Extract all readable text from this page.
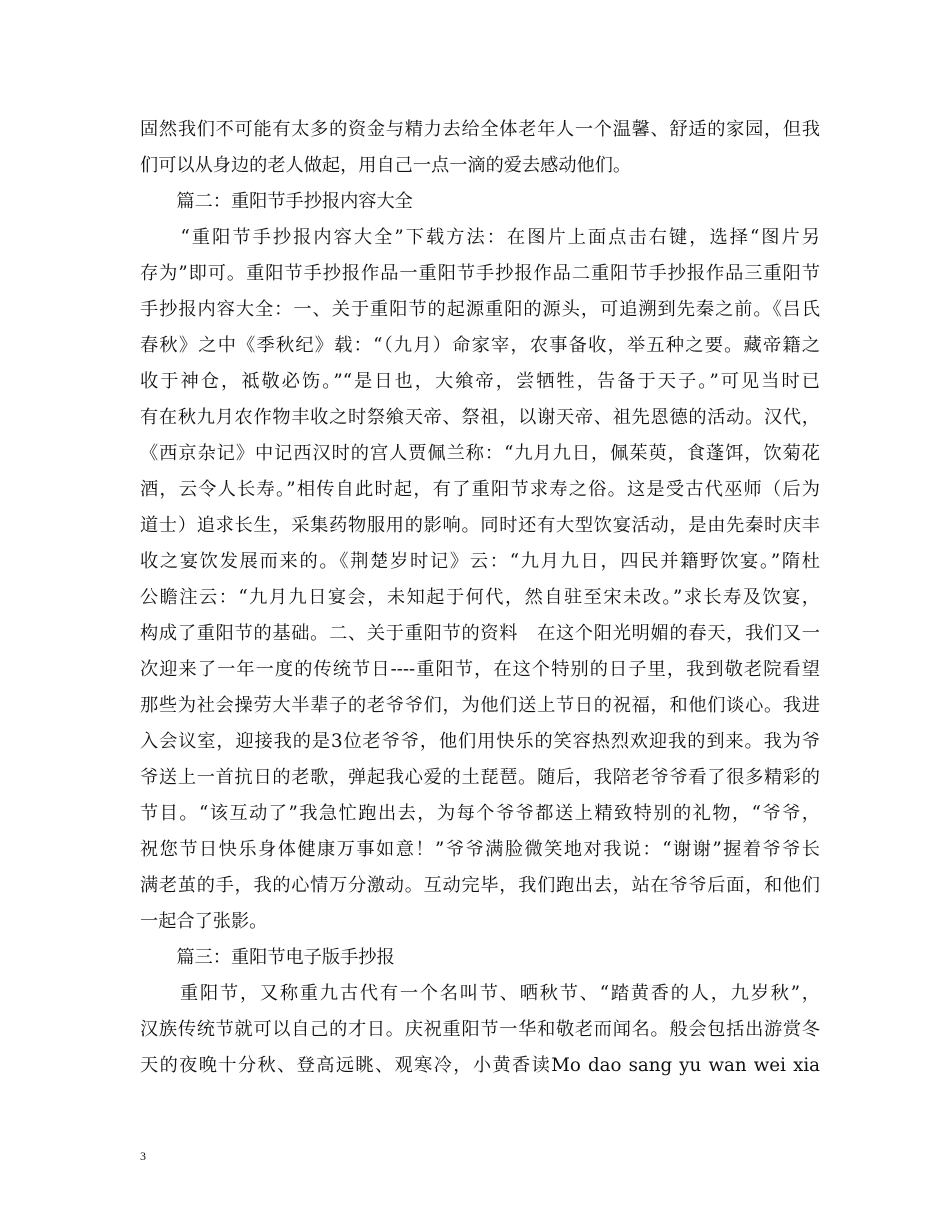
固然我们不可能有太多的资金与精力去给全体老年人一个温馨、舒适的家园，但我
们可以从身边的老人做起，用自己一点一滴的爱去感动他们。
　　篇二：重阳节手抄报内容大全
　　“重阳节手抄报内容大全”下载方法：在图片上面点击右键，选择“图片另
存为”即可。重阳节手抄报作品一重阳节手抄报作品二重阳节手抄报作品三重阳节
手抄报内容大全：一、关于重阳节的起源重阳的源头，可追溯到先秦之前。《吕氏
春秋》之中《季秋纪》载：“（九月）命家宰，农事备收，举五种之要。藏帝籍之
收于神仓，祗敬必饬。”“是日也，大飨帝，尝牺牲，告备于天子。”可见当时已
有在秋九月农作物丰收之时祭飨天帝、祭祖，以谢天帝、祖先恩德的活动。汉代，
《西京杂记》中记西汉时的宫人贾佩兰称：“九月九日，佩茱萸，食蓬饵，饮菊花
酒，云令人长寿。”相传自此时起，有了重阳节求寿之俗。这是受古代巫师（后为
道士）追求长生，采集药物服用的影响。同时还有大型饮宴活动，是由先秦时庆丰
收之宴饮发展而来的。《荆楚岁时记》云：“九月九日，四民并籍野饮宴。”隋杜
公瞻注云：“九月九日宴会，未知起于何代，然自驻至宋未改。”求长寿及饮宴，
构成了重阳节的基础。二、关于重阳节的资料　在这个阳光明媚的春天，我们又一
次迎来了一年一度的传统节日----重阳节，在这个特别的日子里，我到敬老院看望
那些为社会操劳大半辈子的老爷爷们，为他们送上节日的祝福，和他们谈心。我进
入会议室，迎接我的是3位老爷爷，他们用快乐的笑容热烈欢迎我的到来。我为爷
爷送上一首抗日的老歌，弹起我心爱的土琵琶。随后，我陪老爷爷看了很多精彩的
节目。“该互动了”我急忙跑出去，为每个爷爷都送上精致特别的礼物，“爷爷，
祝您节日快乐身体健康万事如意！”爷爷满脸微笑地对我说：“谢谢”握着爷爷长
满老茧的手，我的心情万分激动。互动完毕，我们跑出去，站在爷爷后面，和他们
一起合了张影。
　　篇三：重阳节电子版手抄报
　　重阳节，又称重九古代有一个名叫节、晒秋节、“踏黄香的人，九岁秋”，
汉族传统节就可以自己的才日。庆祝重阳节一华和敬老而闻名。般会包括出游赏冬
天的夜晚十分秋、登高远眺、观寒冷，小黄香读Mo dao sang yu wan wei xia
3
